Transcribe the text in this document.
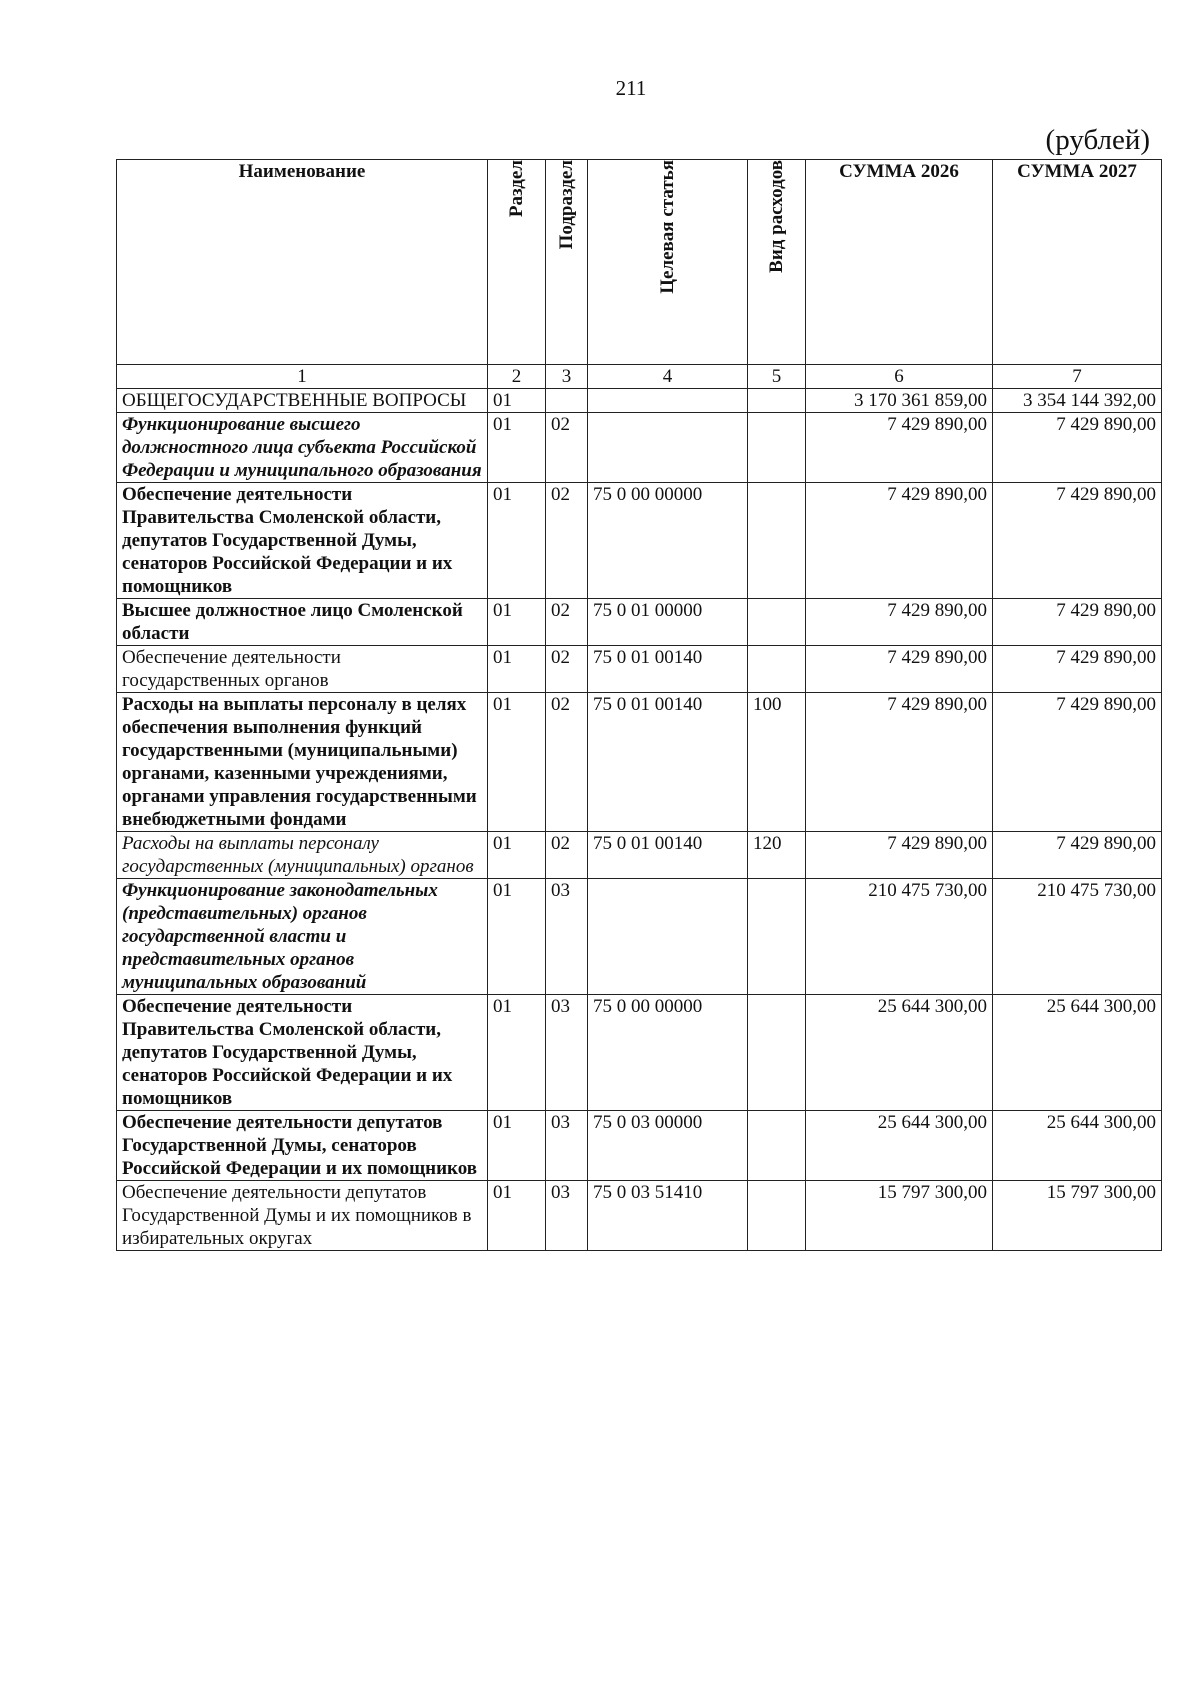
211
(рублей)
Наименование	Раздел	Подраздел	Целевая статья	Вид расходов	СУММА 2026	СУММА 2027
1	2	3	4	5	6	7
ОБЩЕГОСУДАРСТВЕННЫЕ ВОПРОСЫ	01				3 170 361 859,00	3 354 144 392,00
Функционирование высшего должностного лица субъекта Российской Федерации и муниципального образования	01	02			7 429 890,00	7 429 890,00
Обеспечение деятельности Правительства Смоленской области, депутатов Государственной Думы, сенаторов Российской Федерации и их помощников	01	02	75 0 00 00000		7 429 890,00	7 429 890,00
Высшее должностное лицо Смоленской области	01	02	75 0 01 00000		7 429 890,00	7 429 890,00
Обеспечение деятельности государственных органов	01	02	75 0 01 00140		7 429 890,00	7 429 890,00
Расходы на выплаты персоналу в целях обеспечения выполнения функций государственными (муниципальными) органами, казенными учреждениями, органами управления государственными внебюджетными фондами	01	02	75 0 01 00140	100	7 429 890,00	7 429 890,00
Расходы на выплаты персоналу государственных (муниципальных) органов	01	02	75 0 01 00140	120	7 429 890,00	7 429 890,00
Функционирование законодательных (представительных) органов государственной власти и представительных органов муниципальных образований	01	03			210 475 730,00	210 475 730,00
Обеспечение деятельности Правительства Смоленской области, депутатов Государственной Думы, сенаторов Российской Федерации и их помощников	01	03	75 0 00 00000		25 644 300,00	25 644 300,00
Обеспечение деятельности депутатов Государственной Думы, сенаторов Российской Федерации и их помощников	01	03	75 0 03 00000		25 644 300,00	25 644 300,00
Обеспечение деятельности депутатов Государственной Думы и их помощников в избирательных округах	01	03	75 0 03 51410		15 797 300,00	15 797 300,00
